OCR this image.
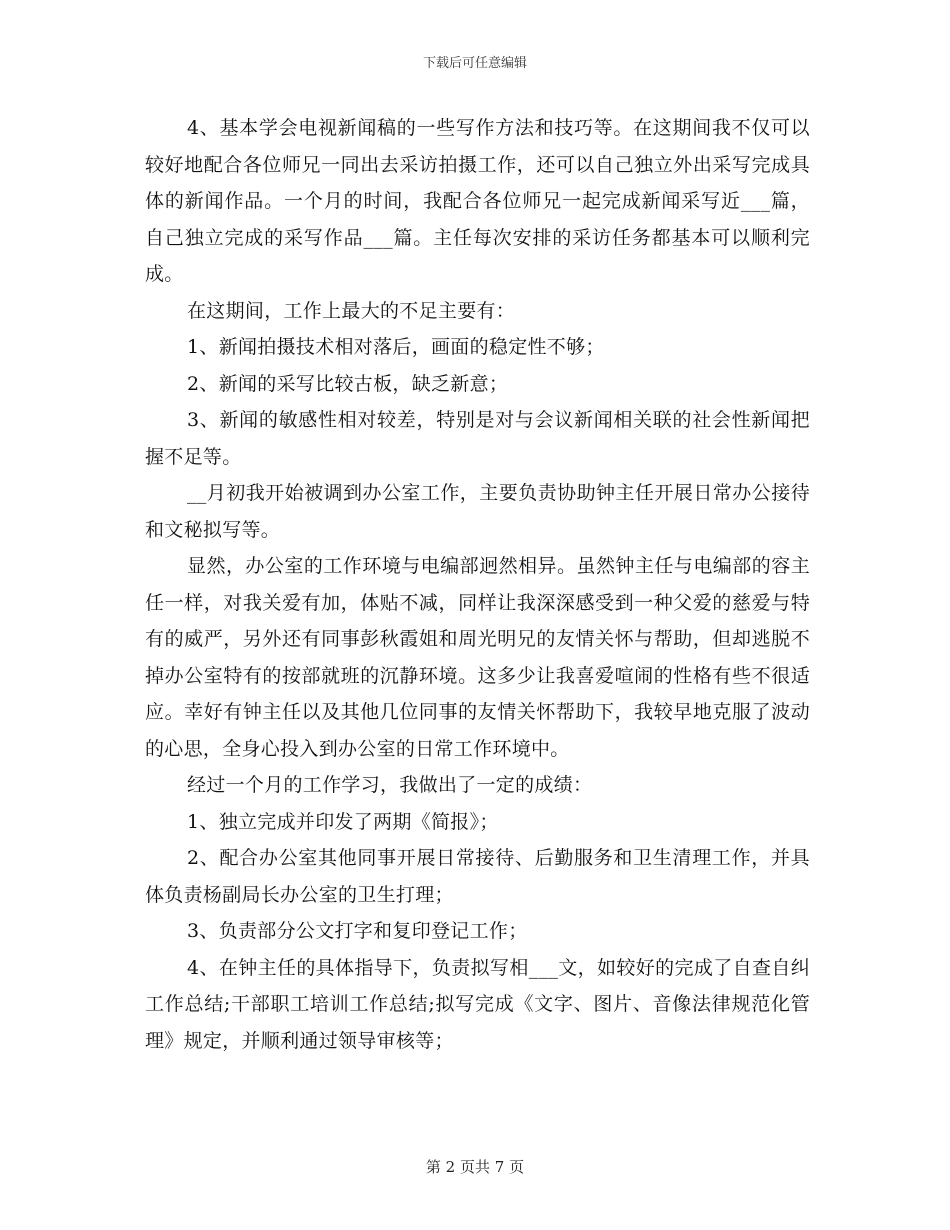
下载后可任意编辑

4、基本学会电视新闻稿的一些写作方法和技巧等。在这期间我不仅可以较好地配合各位师兄一同出去采访拍摄工作，还可以自己独立外出采写完成具体的新闻作品。一个月的时间，我配合各位师兄一起完成新闻采写近___篇，自己独立完成的采写作品___篇。主任每次安排的采访任务都基本可以顺利完成。

在这期间，工作上最大的不足主要有：

1、新闻拍摄技术相对落后，画面的稳定性不够；

2、新闻的采写比较古板，缺乏新意；

3、新闻的敏感性相对较差，特别是对与会议新闻相关联的社会性新闻把握不足等。

__月初我开始被调到办公室工作，主要负责协助钟主任开展日常办公接待和文秘拟写等。

显然，办公室的工作环境与电编部迥然相异。虽然钟主任与电编部的容主任一样，对我关爱有加，体贴不减，同样让我深深感受到一种父爱的慈爱与特有的威严，另外还有同事彭秋霞姐和周光明兄的友情关怀与帮助，但却逃脱不掉办公室特有的按部就班的沉静环境。这多少让我喜爱喧闹的性格有些不很适应。幸好有钟主任以及其他几位同事的友情关怀帮助下，我较早地克服了波动的心思，全身心投入到办公室的日常工作环境中。

经过一个月的工作学习，我做出了一定的成绩：

1、独立完成并印发了两期《简报》；

2、配合办公室其他同事开展日常接待、后勤服务和卫生清理工作，并具体负责杨副局长办公室的卫生打理；

3、负责部分公文打字和复印登记工作；

4、在钟主任的具体指导下，负责拟写相___文，如较好的完成了自查自纠工作总结;干部职工培训工作总结;拟写完成《文字、图片、音像法律规范化管理》规定，并顺利通过领导审核等；

第 2 页共 7 页
